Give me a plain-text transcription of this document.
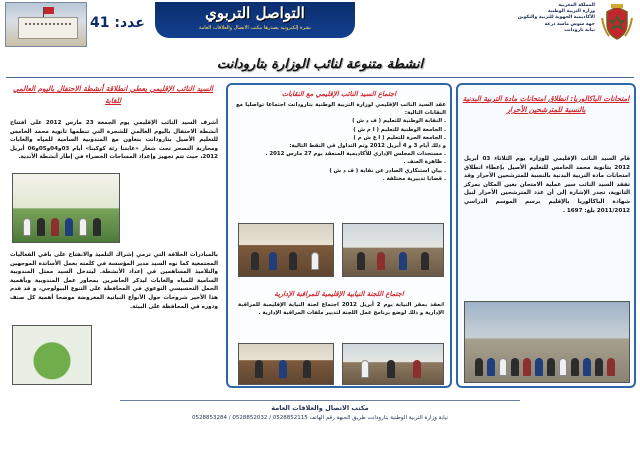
المملكة المغربية
وزارة التربية الوطنية
الأكاديمية الجهوية للتربية والتكوين
جهة سوس ماسة درعة
نيابة تارودانت
التواصل التربوي
نشرة إلكترونية يصدرها مكتب الاتصال والعلاقات العامة
عدد: 41
انشطة متنوعة لنائب الوزارة بتارودانت
امتحانات الباكالوريا: انطلاق امتحانات مادة التربية البدنية بالنسبة للمترشحين الأحرار
قام السيد النائب الإقليمي للوزارة يوم الثلاثاء 03 أبريل 2012 بثانوية محمد الخامس للتعليم الأصيل بإعطاء انطلاق امتحانات مادة التربية البدنية بالنسبة للمترشحين الأحرار وقد تفقد السيد النائب سير عملية الامتحان بعين المكان بمركز الثانوية، تجدر الإشارة إلى أن عدد المترشحين الأحرار لنيل شهادة الباكالوريا بالإقليم برسم الموسم الدراسي 2011/2012 بلغ: 1697 .
اجتماع السيد النائب الإقليمي مع النقابات
عقد السيد النائب الإقليمي لوزارة التربية الوطنية بتارودانت اجتماعا تواصليا مع النقابات التالية:
. النقابة الوطنية للتعليم ( ف د ش )
. الجامعة الوطنية للتعليم ( ا م ش )
. الجامعة الحرة للتعليم ( ا ع ش م )
و ذلك أيام 3 و 4 أبريل 2012 وتم التداول في النقط التالية:
. مستجدات المجلس الإداري للأكاديمية المنعقد يوم 27 مارس 2012 .
. ظاهرة العنف .
. بيان استنكاري الصادر عن نقابة ( ف د ش )
. قضايا تدبيرية مختلفة .
اجتماع اللجنة النيابية الإقليمية للمراقبة الإدارية
انعقد بمقر النيابة يوم 2 أبريل 2012 اجتماع لجنة النيابة الإقليمية للمراقبة الإدارية و ذلك لوضع برنامج عمل اللجنة لتدبير ملفات المراقبة الإدارية .
السيد النائب الإقليمي يعطي انطلاقة أنشطة الاحتفال باليوم العالمي للغابة
أشرف السيد النائب الإقليمي يوم الجمعة 23 مارس 2012 على افتتاح أنشطة الاحتفال باليوم العالمي للشجرة التي تنظمها ثانوية محمد الخامس للتعليم الأصيل بتارودانت بتعاون مع المندوبية السامية للمياه والغابات ومحاربة التصحر تحت شعار «غابتنا رئة كوكبنا» أيام 03و04و05و06 أبريل 2012، حيث تتم تجهيز وإعداد المساحات الخضراء في إطار أنشطة الأندية.
بالمبادرات الخلاقة التي ترمي إشراك التلميذ والانفتاح على باقي الفعاليات المجتمعية كما نوه السيد مدير المؤسسة في كلمته بعمل الأساتذة الموجهين والتلاميذ المساهمين في إعداد الأنشطة. ليتدخل السيد ممثل المندوبية السامية للمياه والغابات ليذكر الحاضرين بمحاور عمل المندوبية وبأهمية الحمل التحسيسي التوعوي في المحافظة على التنوع البيولوجي، و قد قدم هذا الأخير شروحات حول الأنواع النباتية المعروضة موضحا أهمية كل صنف ودوره في المحافظة على البيئة.
مكتب الاتصال والعلاقات العامة
نيابة وزارة التربية الوطنية بتارودانت طريق الجبهة رقم الهاتف 0528852115 / 0528852032 / 0528853284
